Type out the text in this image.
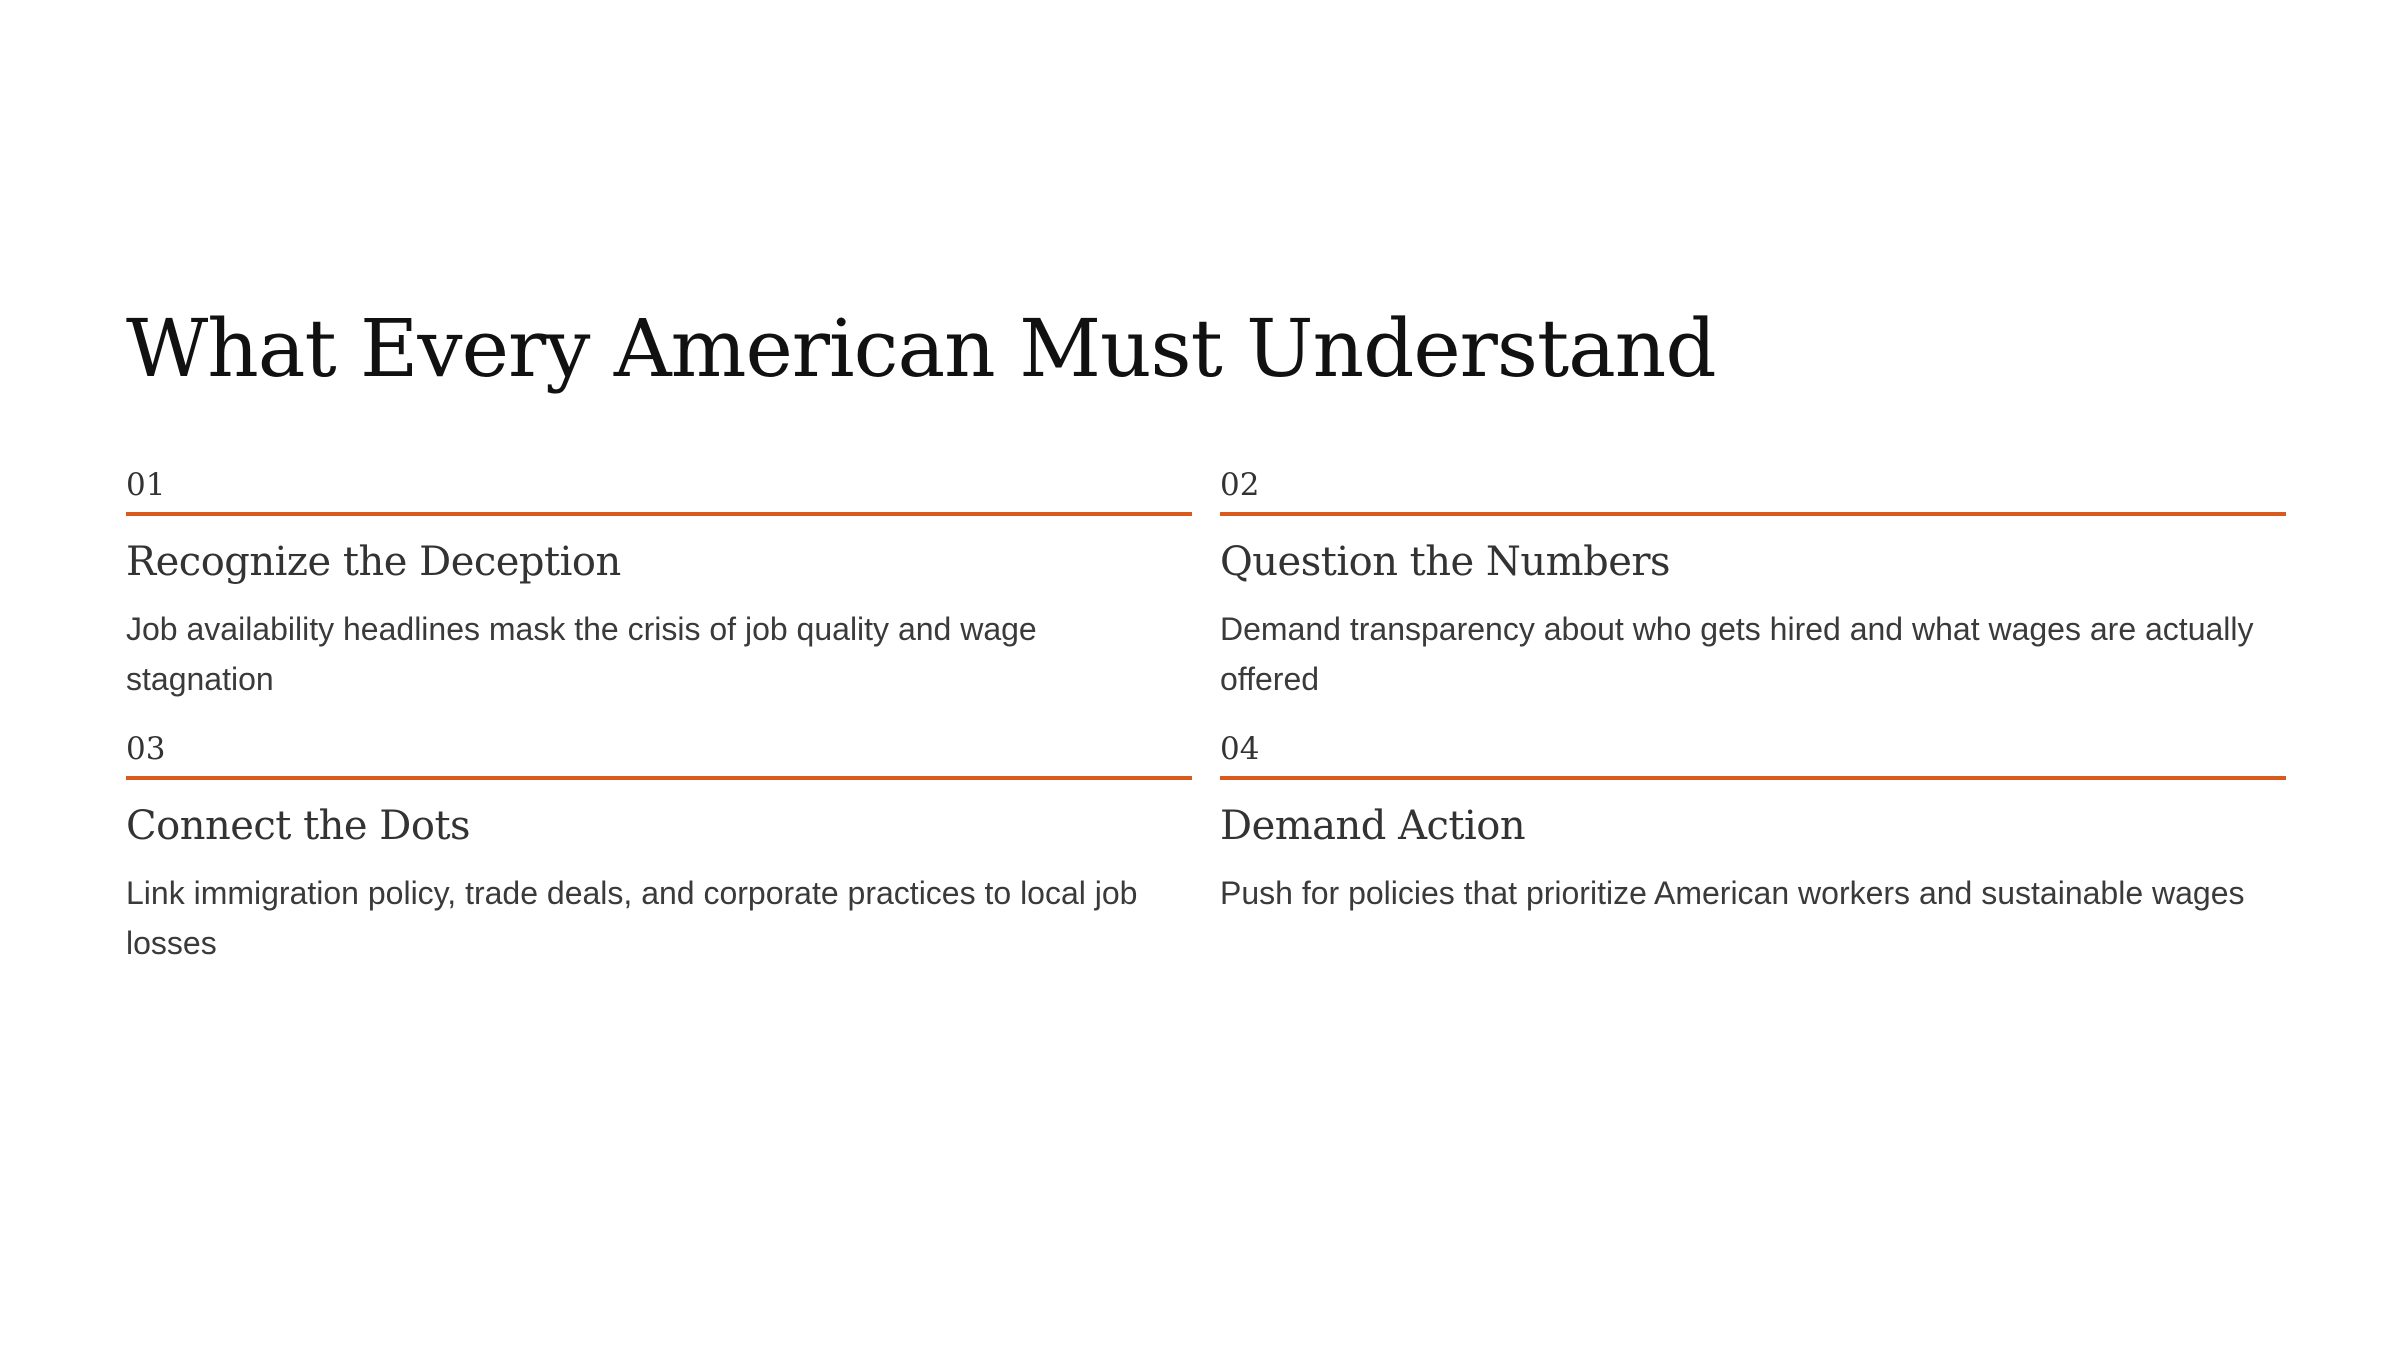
What Every American Must Understand
01
Recognize the Deception

Job availability headlines mask the crisis of job quality and wage stagnation

02
Question the Numbers

Demand transparency about who gets hired and what wages are actually offered

03
Connect the Dots

Link immigration policy, trade deals, and corporate practices to local job losses

04
Demand Action

Push for policies that prioritize American workers and sustainable wages
